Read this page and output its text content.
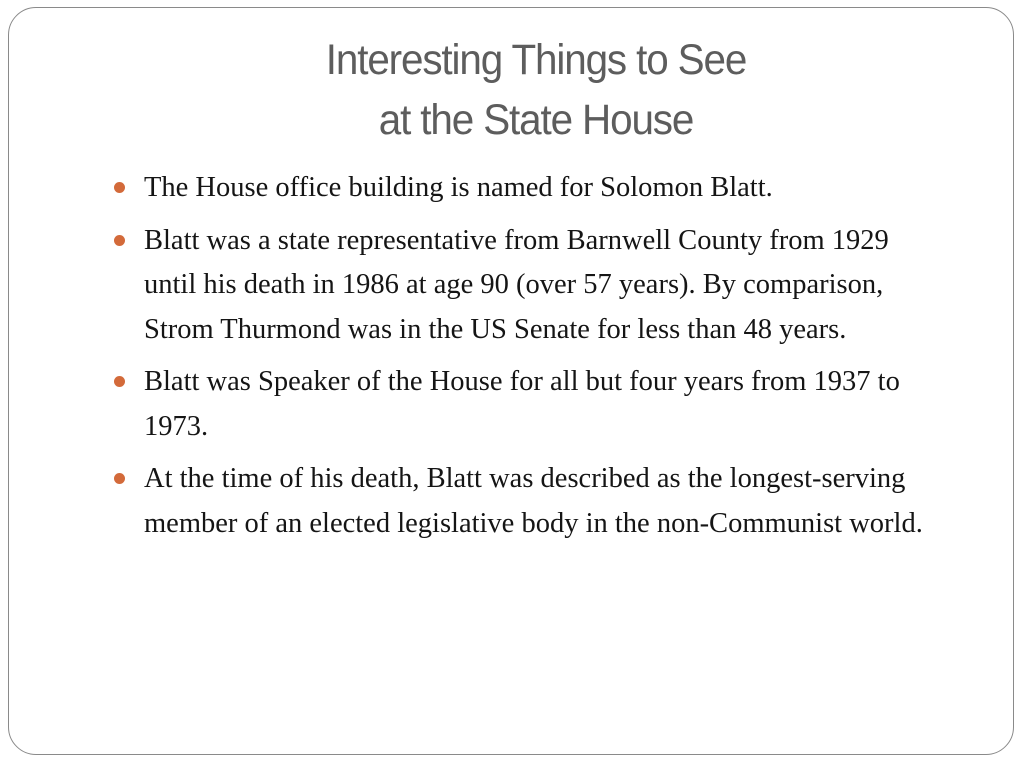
Interesting Things to See
at the State House
The House office building is named for Solomon Blatt.
Blatt was a state representative from Barnwell County from 1929 until his death in 1986 at age 90 (over 57 years). By comparison, Strom Thurmond was in the US Senate for less than 48 years.
Blatt was Speaker of the House for all but four years from 1937 to 1973.
At the time of his death, Blatt was described as the longest-serving member of an elected legislative body in the non-Communist world.
